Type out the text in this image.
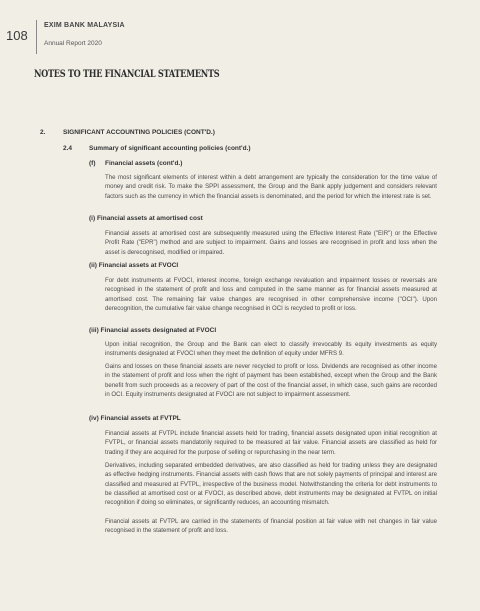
108
EXIM BANK MALAYSIA
Annual Report 2020
NOTES TO THE FINANCIAL STATEMENTS
2.	SIGNIFICANT ACCOUNTING POLICIES (CONT'D.)
2.4	Summary of significant accounting policies (cont'd.)
(f) Financial assets (cont'd.)
The most significant elements of interest within a debt arrangement are typically the consideration for the time value of money and credit risk. To make the SPPI assessment, the Group and the Bank apply judgement and considers relevant factors such as the currency in which the financial assets is denominated, and the period for which the interest rate is set.
(i) Financial assets at amortised cost
Financial assets at amortised cost are subsequently measured using the Effective Interest Rate ("EIR") or the Effective Profit Rate ("EPR") method and are subject to impairment. Gains and losses are recognised in profit and loss when the asset is derecognised, modified or impaired.
(ii) Financial assets at FVOCI
For debt instruments at FVOCI, interest income, foreign exchange revaluation and impairment losses or reversals are recognised in the statement of profit and loss and computed in the same manner as for financial assets measured at amortised cost. The remaining fair value changes are recognised in other comprehensive income ("OCI"). Upon derecognition, the cumulative fair value change recognised in OCI is recycled to profit or loss.
(iii) Financial assets designated at FVOCI
Upon initial recognition, the Group and the Bank can elect to classify irrevocably its equity investments as equity instruments designated at FVOCI when they meet the definition of equity under MFRS 9.
Gains and losses on these financial assets are never recycled to profit or loss. Dividends are recognised as other income in the statement of profit and loss when the right of payment has been established, except when the Group and the Bank benefit from such proceeds as a recovery of part of the cost of the financial asset, in which case, such gains are recorded in OCI. Equity instruments designated at FVOCI are not subject to impairment assessment.
(iv) Financial assets at FVTPL
Financial assets at FVTPL include financial assets held for trading, financial assets designated upon initial recognition at FVTPL, or financial assets mandatorily required to be measured at fair value. Financial assets are classified as held for trading if they are acquired for the purpose of selling or repurchasing in the near term.
Derivatives, including separated embedded derivatives, are also classified as held for trading unless they are designated as effective hedging instruments. Financial assets with cash flows that are not solely payments of principal and interest are classified and measured at FVTPL, irrespective of the business model. Notwithstanding the criteria for debt instruments to be classified at amortised cost or at FVOCI, as described above, debt instruments may be designated at FVTPL on initial recognition if doing so eliminates, or significantly reduces, an accounting mismatch.
Financial assets at FVTPL are carried in the statements of financial position at fair value with net changes in fair value recognised in the statement of profit and loss.
